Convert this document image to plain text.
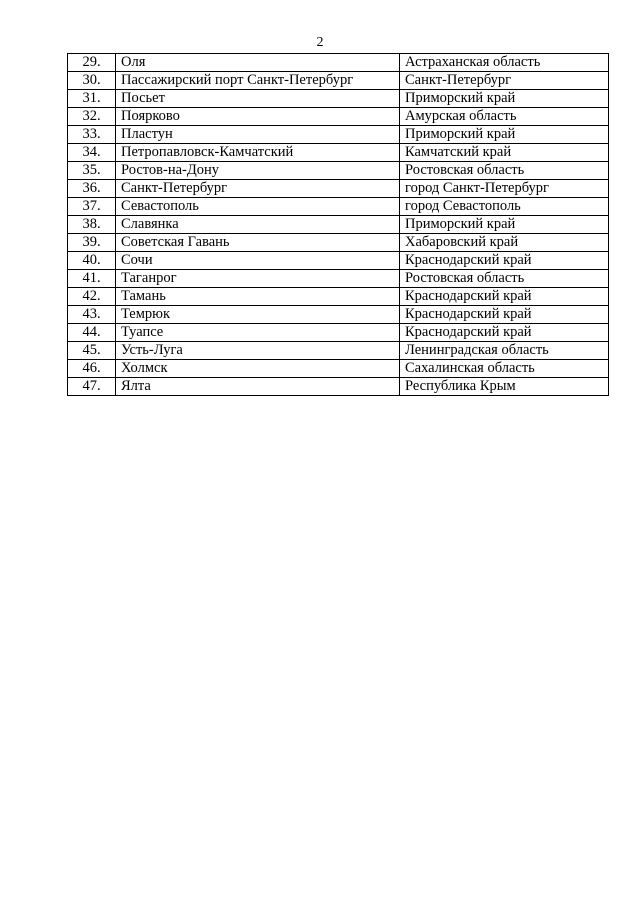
2
29.	Оля	Астраханская область
30.	Пассажирский порт Санкт-Петербург	Санкт-Петербург
31.	Посьет	Приморский край
32.	Поярково	Амурская область
33.	Пластун	Приморский край
34.	Петропавловск-Камчатский	Камчатский край
35.	Ростов-на-Дону	Ростовская область
36.	Санкт-Петербург	город Санкт-Петербург
37.	Севастополь	город Севастополь
38.	Славянка	Приморский край
39.	Советская Гавань	Хабаровский край
40.	Сочи	Краснодарский край
41.	Таганрог	Ростовская область
42.	Тамань	Краснодарский край
43.	Темрюк	Краснодарский край
44.	Туапсе	Краснодарский край
45.	Усть-Луга	Ленинградская область
46.	Холмск	Сахалинская область
47.	Ялта	Республика Крым
